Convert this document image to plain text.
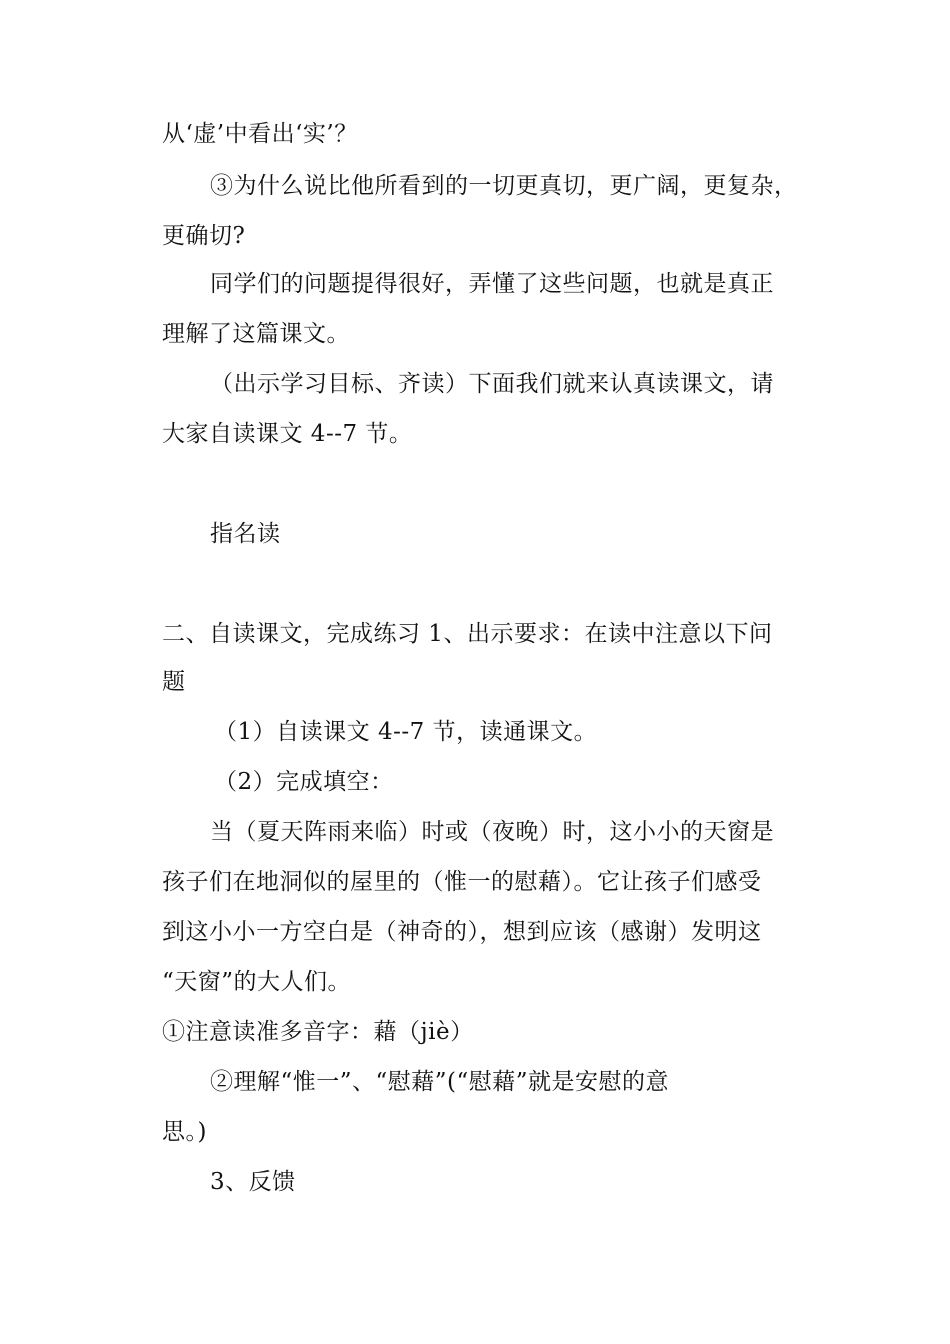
从‘虚’中看出‘实’？

③为什么说比他所看到的一切更真切，更广阔，更复杂，

更确切?

同学们的问题提得很好，弄懂了这些问题，也就是真正

理解了这篇课文。

（出示学习目标、齐读）下面我们就来认真读课文，请

大家自读课文 4--7 节。

指名读

二、自读课文，完成练习 1、出示要求：在读中注意以下问

题

（1）自读课文 4--7 节，读通课文。

（2）完成填空：

当（夏天阵雨来临）时或（夜晚）时，这小小的天窗是

孩子们在地洞似的屋里的（惟一的慰藉）。它让孩子们感受

到这小小一方空白是（神奇的），想到应该（感谢）发明这

“天窗”的大人们。

①注意读准多音字：藉（jiè）

②理解“惟一”、“慰藉”(“慰藉”就是安慰的意

思。)

3、反馈
